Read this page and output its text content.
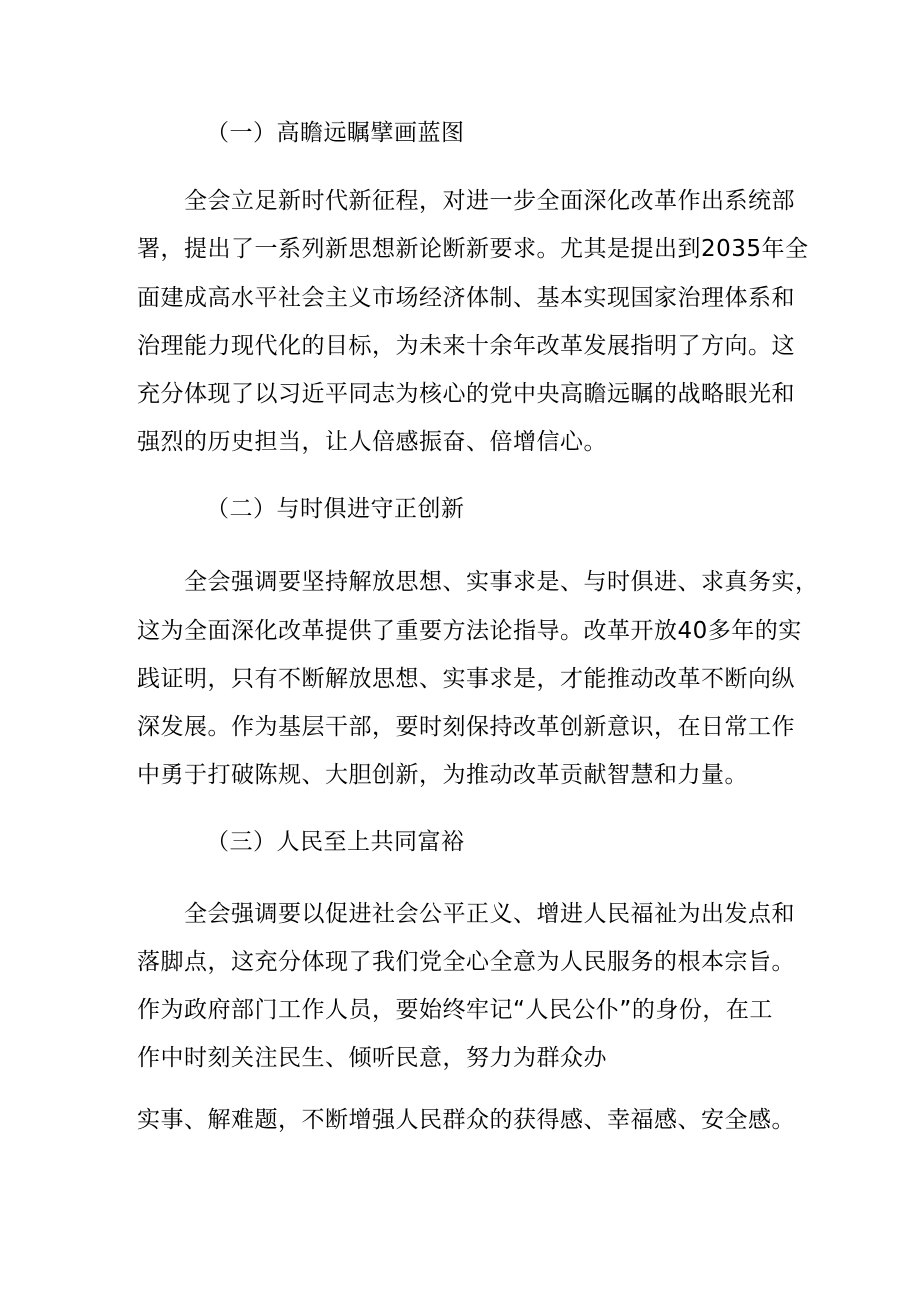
（一）高瞻远瞩擘画蓝图
全会立足新时代新征程，对进一步全面深化改革作出系统部
署，提出了一系列新思想新论断新要求。尤其是提出到2035年全
面建成高水平社会主义市场经济体制、基本实现国家治理体系和
治理能力现代化的目标，为未来十余年改革发展指明了方向。这
充分体现了以习近平同志为核心的党中央高瞻远瞩的战略眼光和
强烈的历史担当，让人倍感振奋、倍增信心。
（二）与时俱进守正创新
全会强调要坚持解放思想、实事求是、与时俱进、求真务实，
这为全面深化改革提供了重要方法论指导。改革开放40多年的实
践证明，只有不断解放思想、实事求是，才能推动改革不断向纵
深发展。作为基层干部，要时刻保持改革创新意识，在日常工作
中勇于打破陈规、大胆创新，为推动改革贡献智慧和力量。
（三）人民至上共同富裕
全会强调要以促进社会公平正义、增进人民福祉为出发点和
落脚点，这充分体现了我们党全心全意为人民服务的根本宗旨。
作为政府部门工作人员，要始终牢记“人民公仆”的身份，在工
作中时刻关注民生、倾听民意，努力为群众办
实事、解难题，不断增强人民群众的获得感、幸福感、安全感。
